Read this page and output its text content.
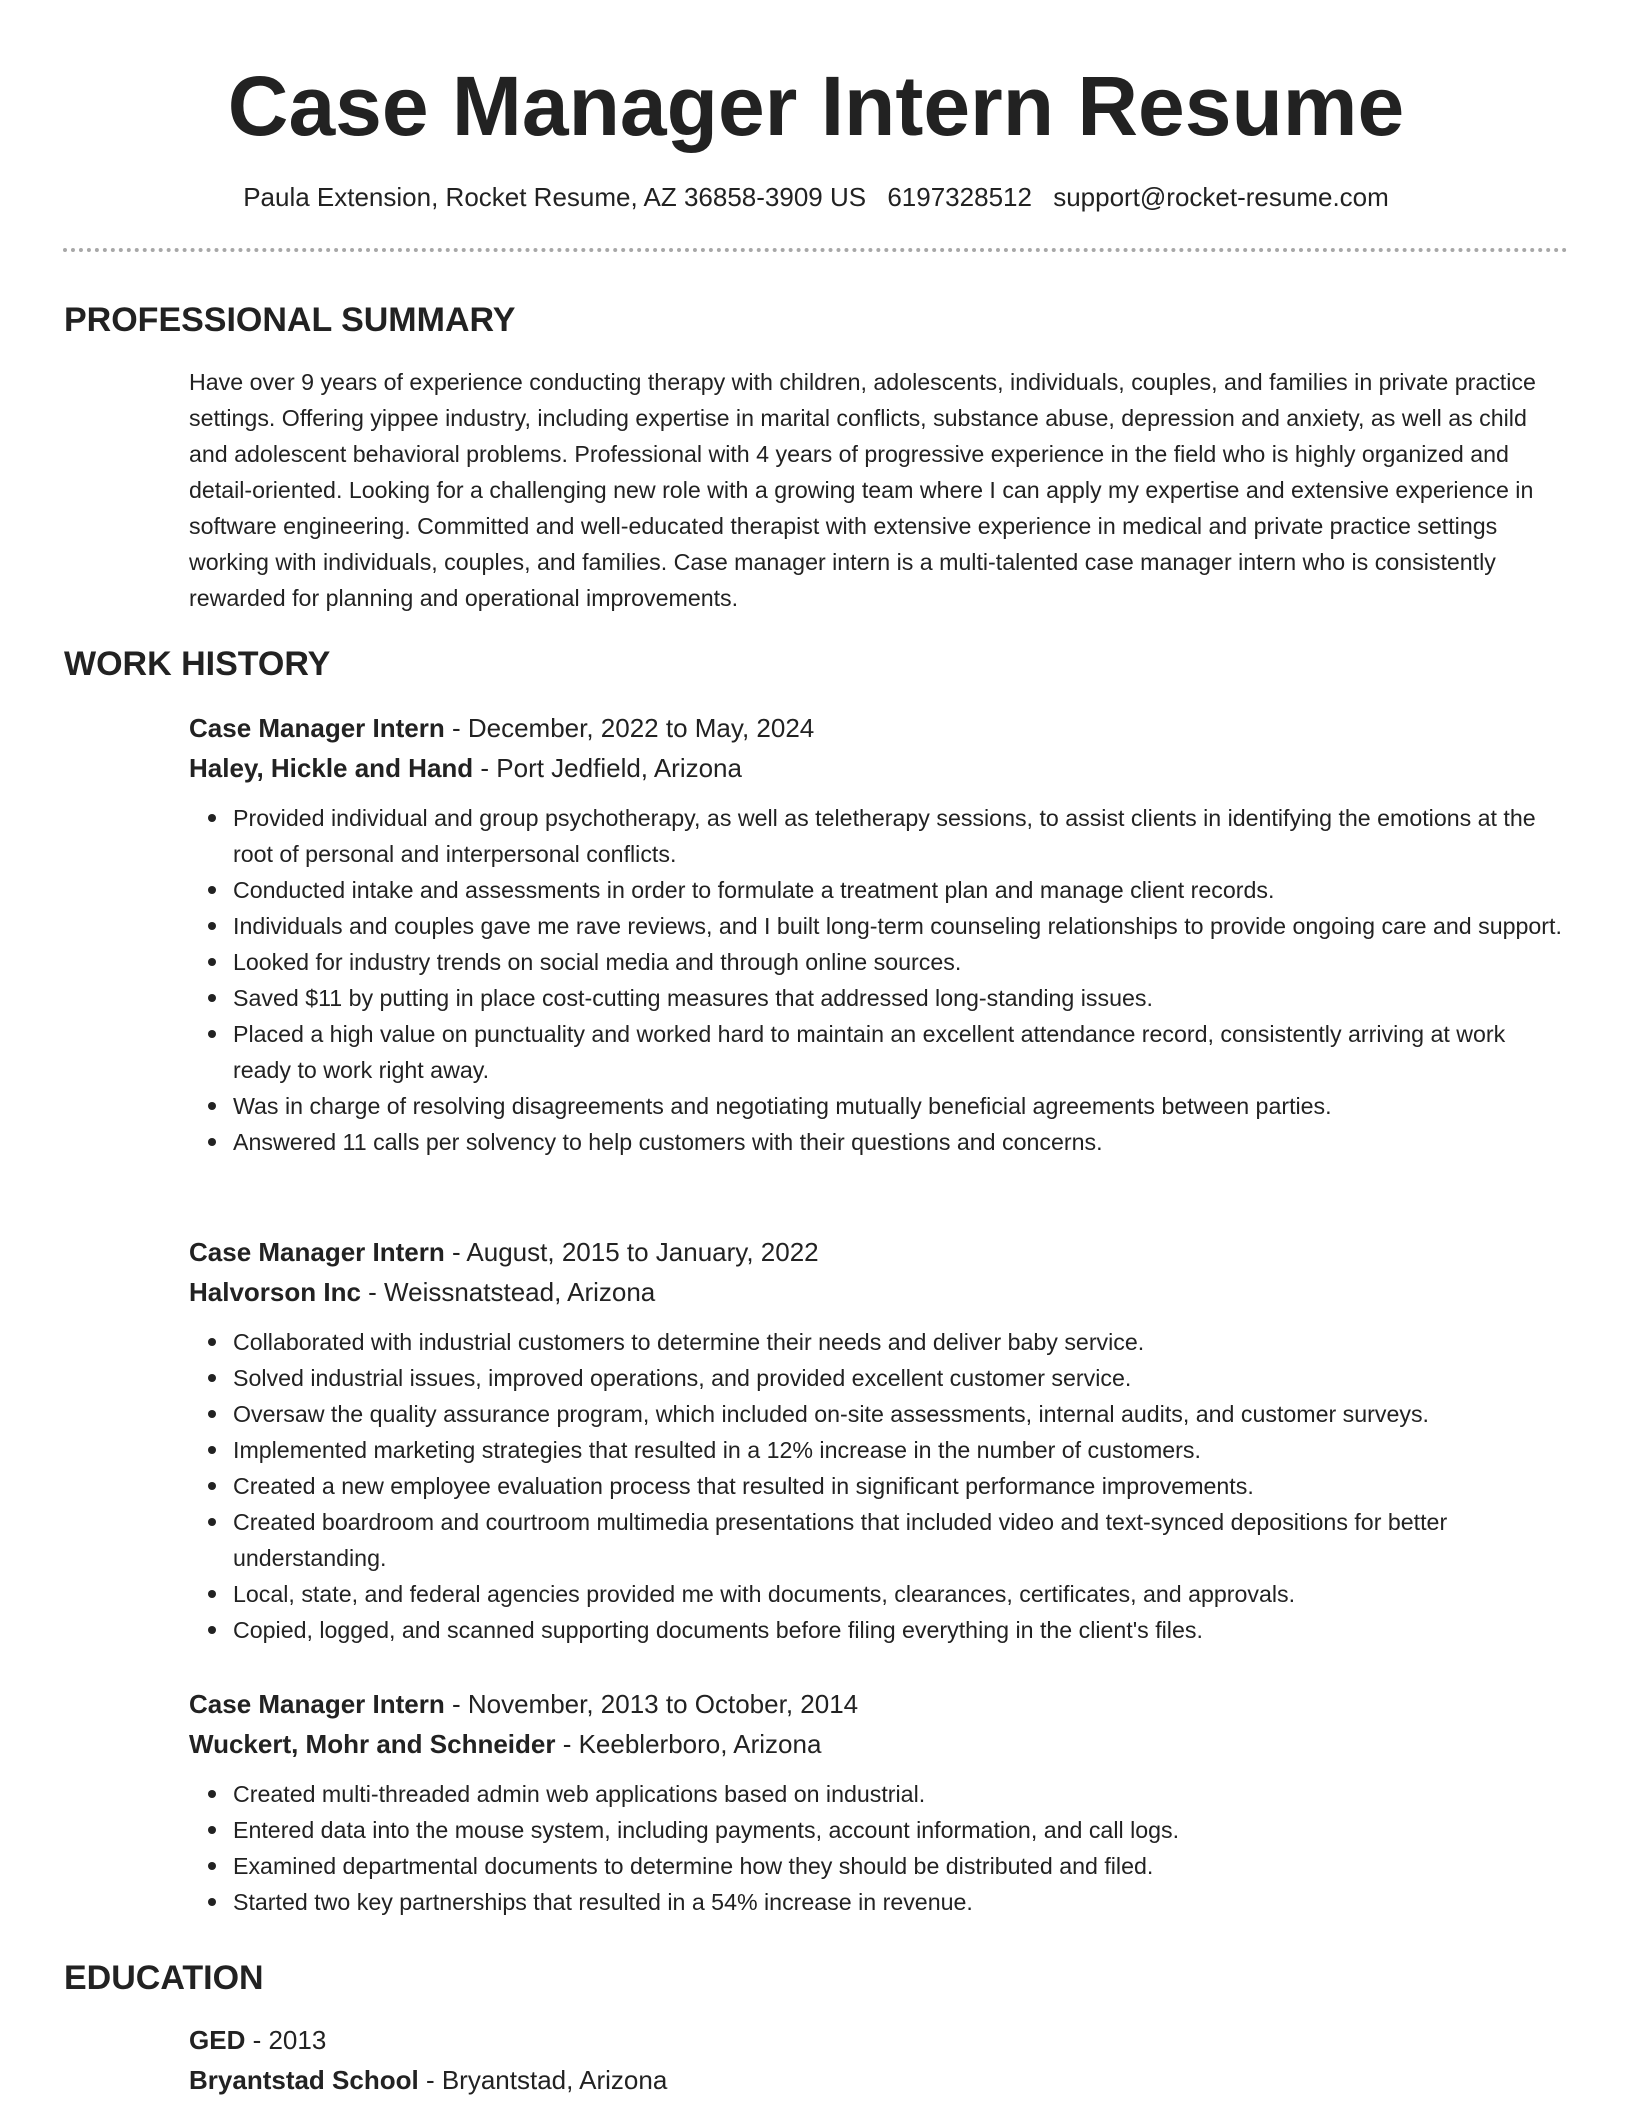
Case Manager Intern Resume
Paula Extension, Rocket Resume, AZ 36858-3909 US 6197328512 support@rocket-resume.com
PROFESSIONAL SUMMARY
Have over 9 years of experience conducting therapy with children, adolescents, individuals, couples, and families in private practice settings. Offering yippee industry, including expertise in marital conflicts, substance abuse, depression and anxiety, as well as child and adolescent behavioral problems. Professional with 4 years of progressive experience in the field who is highly organized and detail-oriented. Looking for a challenging new role with a growing team where I can apply my expertise and extensive experience in software engineering. Committed and well-educated therapist with extensive experience in medical and private practice settings working with individuals, couples, and families. Case manager intern is a multi-talented case manager intern who is consistently rewarded for planning and operational improvements.
WORK HISTORY
Case Manager Intern - December, 2022 to May, 2024
Haley, Hickle and Hand - Port Jedfield, Arizona
Provided individual and group psychotherapy, as well as teletherapy sessions, to assist clients in identifying the emotions at the root of personal and interpersonal conflicts.
Conducted intake and assessments in order to formulate a treatment plan and manage client records.
Individuals and couples gave me rave reviews, and I built long-term counseling relationships to provide ongoing care and support.
Looked for industry trends on social media and through online sources.
Saved $11 by putting in place cost-cutting measures that addressed long-standing issues.
Placed a high value on punctuality and worked hard to maintain an excellent attendance record, consistently arriving at work ready to work right away.
Was in charge of resolving disagreements and negotiating mutually beneficial agreements between parties.
Answered 11 calls per solvency to help customers with their questions and concerns.
Case Manager Intern - August, 2015 to January, 2022
Halvorson Inc - Weissnatstead, Arizona
Collaborated with industrial customers to determine their needs and deliver baby service.
Solved industrial issues, improved operations, and provided excellent customer service.
Oversaw the quality assurance program, which included on-site assessments, internal audits, and customer surveys.
Implemented marketing strategies that resulted in a 12% increase in the number of customers.
Created a new employee evaluation process that resulted in significant performance improvements.
Created boardroom and courtroom multimedia presentations that included video and text-synced depositions for better understanding.
Local, state, and federal agencies provided me with documents, clearances, certificates, and approvals.
Copied, logged, and scanned supporting documents before filing everything in the client's files.
Case Manager Intern - November, 2013 to October, 2014
Wuckert, Mohr and Schneider - Keeblerboro, Arizona
Created multi-threaded admin web applications based on industrial.
Entered data into the mouse system, including payments, account information, and call logs.
Examined departmental documents to determine how they should be distributed and filed.
Started two key partnerships that resulted in a 54% increase in revenue.
EDUCATION
GED - 2013
Bryantstad School - Bryantstad, Arizona
